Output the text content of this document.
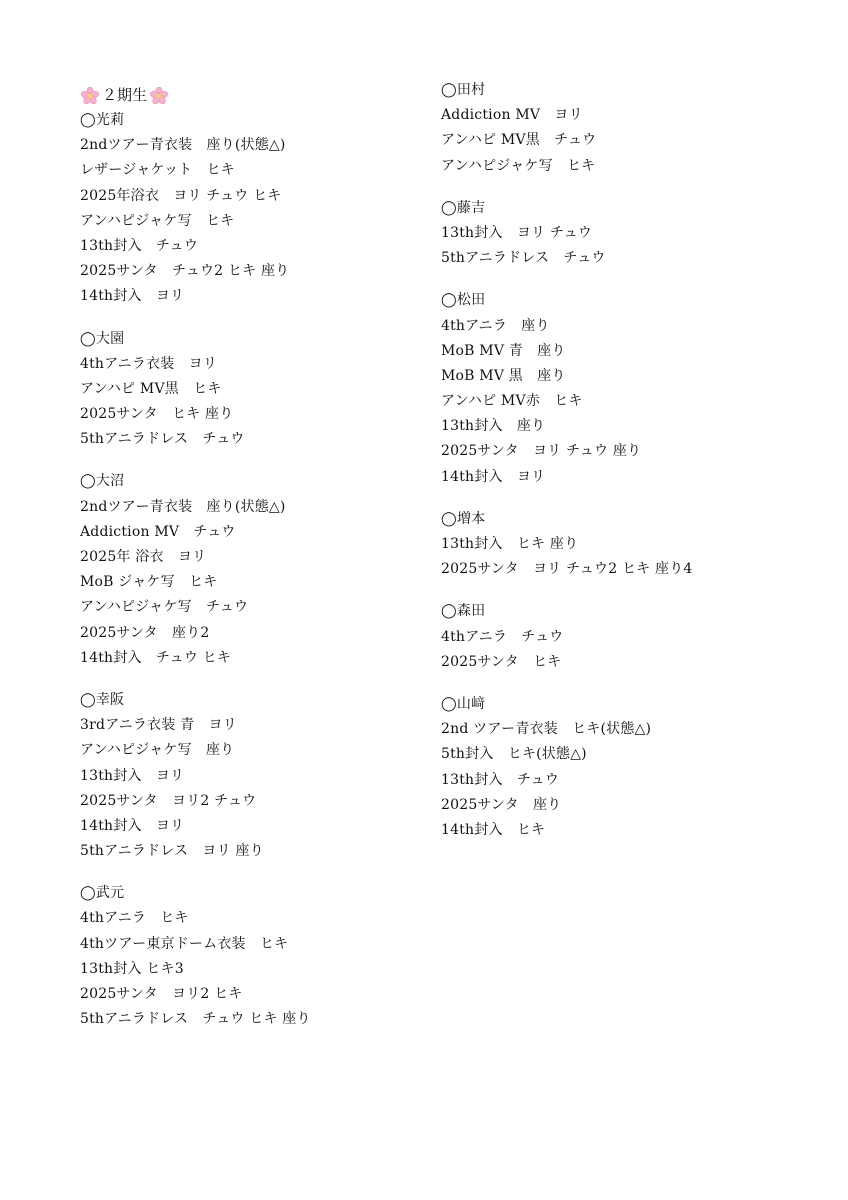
２期生
◯光莉
2ndツアー青衣装　座り(状態△)
レザージャケット　ヒキ
2025年浴衣　ヨリ チュウ ヒキ
アンハピジャケ写　ヒキ
13th封入　チュウ
2025サンタ　チュウ2 ヒキ 座り
14th封入　ヨリ
◯大園
4thアニラ衣装　ヨリ
アンハピ MV黒　ヒキ
2025サンタ　ヒキ 座り
5thアニラドレス　チュウ
◯大沼
2ndツアー青衣装　座り(状態△)
Addiction MV　チュウ
2025年 浴衣　ヨリ
MoB ジャケ写　ヒキ
アンハピジャケ写　チュウ
2025サンタ　座り2
14th封入　チュウ ヒキ
◯幸阪
3rdアニラ衣装 青　ヨリ
アンハピジャケ写　座り
13th封入　ヨリ
2025サンタ　ヨリ2 チュウ
14th封入　ヨリ
5thアニラドレス　ヨリ 座り
◯武元
4thアニラ　ヒキ
4thツアー東京ドーム衣装　ヒキ
13th封入 ヒキ3
2025サンタ　ヨリ2 ヒキ
5thアニラドレス　チュウ ヒキ 座り
◯田村
Addiction MV　ヨリ
アンハピ MV黒　チュウ
アンハピジャケ写　ヒキ
◯藤吉
13th封入　ヨリ チュウ
5thアニラドレス　チュウ
◯松田
4thアニラ　座り
MoB MV 青　座り
MoB MV 黒　座り
アンハピ MV赤　ヒキ
13th封入　座り
2025サンタ　ヨリ チュウ 座り
14th封入　ヨリ
◯増本
13th封入　ヒキ 座り
2025サンタ　ヨリ チュウ2 ヒキ 座り4
◯森田
4thアニラ　チュウ
2025サンタ　ヒキ
◯山﨑
2nd ツアー青衣装　ヒキ(状態△)
5th封入　ヒキ(状態△)
13th封入　チュウ
2025サンタ　座り
14th封入　ヒキ
